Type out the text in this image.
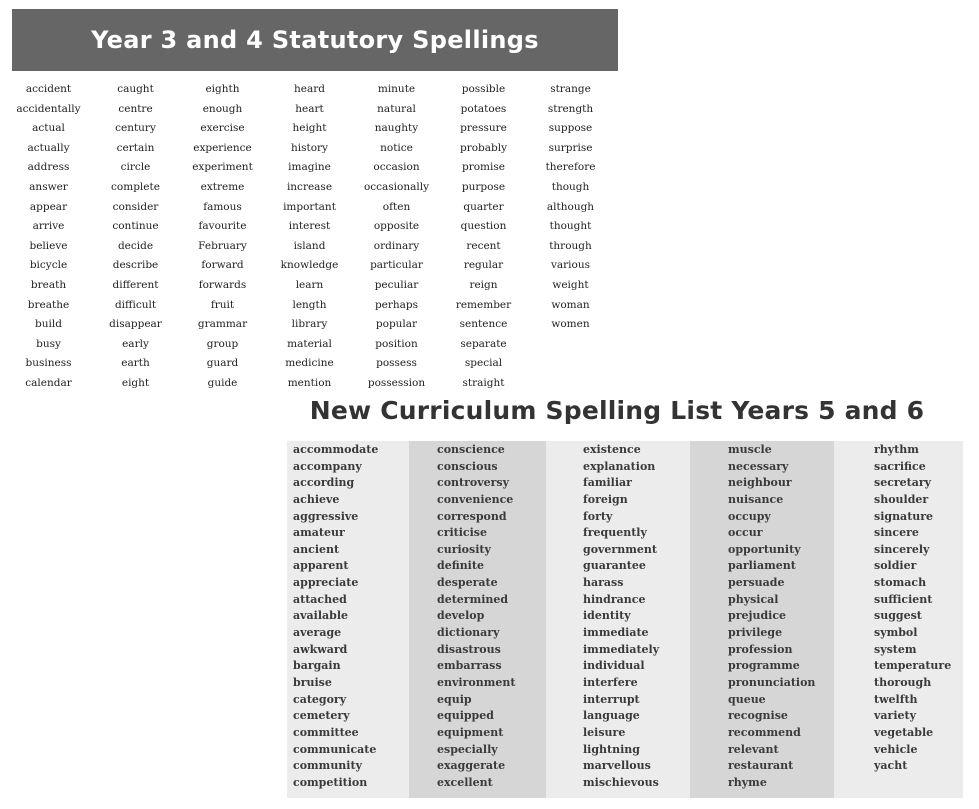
Year 3 and 4 Statutory Spellings
accident
accidentally
actual
actually
address
answer
appear
arrive
believe
bicycle
breath
breathe
build
busy
business
calendar
caught
centre
century
certain
circle
complete
consider
continue
decide
describe
different
difficult
disappear
early
earth
eight
eighth
enough
exercise
experience
experiment
extreme
famous
favourite
February
forward
forwards
fruit
grammar
group
guard
guide
heard
heart
height
history
imagine
increase
important
interest
island
knowledge
learn
length
library
material
medicine
mention
minute
natural
naughty
notice
occasion
occasionally
often
opposite
ordinary
particular
peculiar
perhaps
popular
position
possess
possession
possible
potatoes
pressure
probably
promise
purpose
quarter
question
recent
regular
reign
remember
sentence
separate
special
straight
strange
strength
suppose
surprise
therefore
though
although
thought
through
various
weight
woman
women
New Curriculum Spelling List Years 5 and 6
accommodate
accompany
according
achieve
aggressive
amateur
ancient
apparent
appreciate
attached
available
average
awkward
bargain
bruise
category
cemetery
committee
communicate
community
competition
conscience
conscious
controversy
convenience
correspond
criticise
curiosity
definite
desperate
determined
develop
dictionary
disastrous
embarrass
environment
equip
equipped
equipment
especially
exaggerate
excellent
existence
explanation
familiar
foreign
forty
frequently
government
guarantee
harass
hindrance
identity
immediate
immediately
individual
interfere
interrupt
language
leisure
lightning
marvellous
mischievous
muscle
necessary
neighbour
nuisance
occupy
occur
opportunity
parliament
persuade
physical
prejudice
privilege
profession
programme
pronunciation
queue
recognise
recommend
relevant
restaurant
rhyme
rhythm
sacrifice
secretary
shoulder
signature
sincere
sincerely
soldier
stomach
sufficient
suggest
symbol
system
temperature
thorough
twelfth
variety
vegetable
vehicle
yacht
